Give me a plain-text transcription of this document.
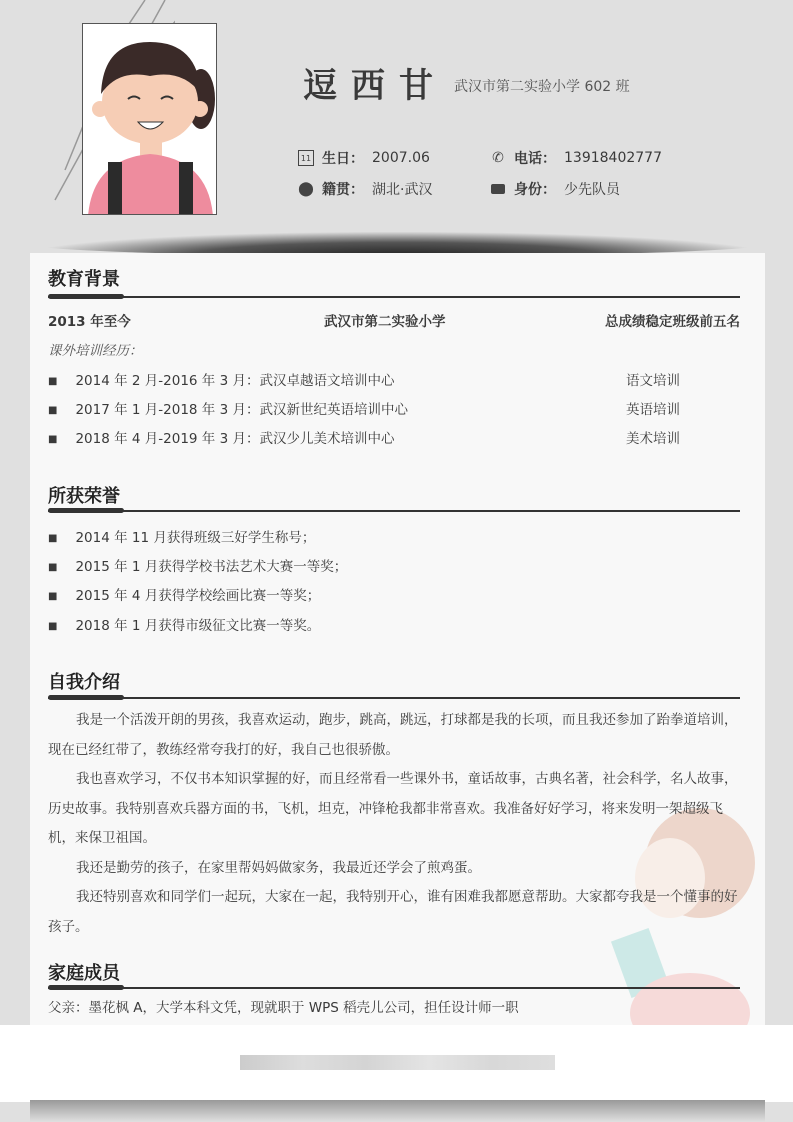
逗西甘 武汉市第二实验小学 602 班
11 生日： 2007.06	✆ 电话： 13918402777
⬤ 籍贯： 湖北·武汉	身份： 少先队员
教育背景
2013 年至今	武汉市第二实验小学	总成绩稳定班级前五名
课外培训经历：
■ 2014 年 2 月-2016 年 3 月：武汉卓越语文培训中心	语文培训
■ 2017 年 1 月-2018 年 3 月：武汉新世纪英语培训中心	英语培训
■ 2018 年 4 月-2019 年 3 月：武汉少儿美术培训中心	美术培训
所获荣誉
■ 2014 年 11 月获得班级三好学生称号；
■ 2015 年 1 月获得学校书法艺术大赛一等奖；
■ 2015 年 4 月获得学校绘画比赛一等奖；
■ 2018 年 1 月获得市级征文比赛一等奖。
自我介绍

我是一个活泼开朗的男孩，我喜欢运动，跑步，跳高，跳远，打球都是我的长项，而且我还参加了跆拳道培训，现在已经红带了，教练经常夸我打的好，我自己也很骄傲。

我也喜欢学习，不仅书本知识掌握的好，而且经常看一些课外书，童话故事，古典名著，社会科学，名人故事，历史故事。我特别喜欢兵器方面的书，飞机，坦克，冲锋枪我都非常喜欢。我准备好好学习，将来发明一架超级飞机，来保卫祖国。

我还是勤劳的孩子，在家里帮妈妈做家务，我最近还学会了煎鸡蛋。

我还特别喜欢和同学们一起玩，大家在一起，我特别开心，谁有困难我都愿意帮助。大家都夸我是一个懂事的好孩子。

家庭成员
父亲：墨花枫 A，大学本科文凭，现就职于 WPS 稻壳儿公司，担任设计师一职
